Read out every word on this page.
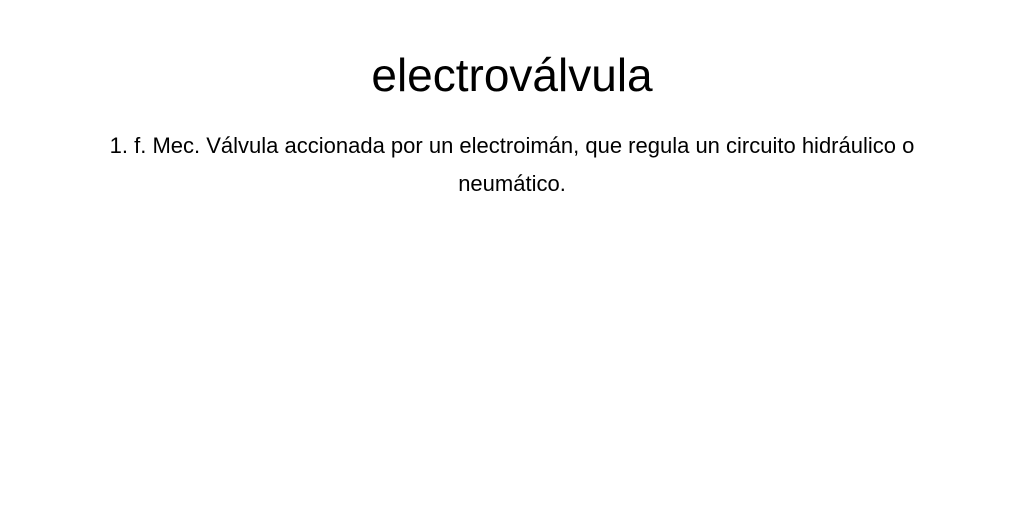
electroválvula

1. f. Mec. Válvula accionada por un electroimán, que regula un circuito hidráulico o neumático.
